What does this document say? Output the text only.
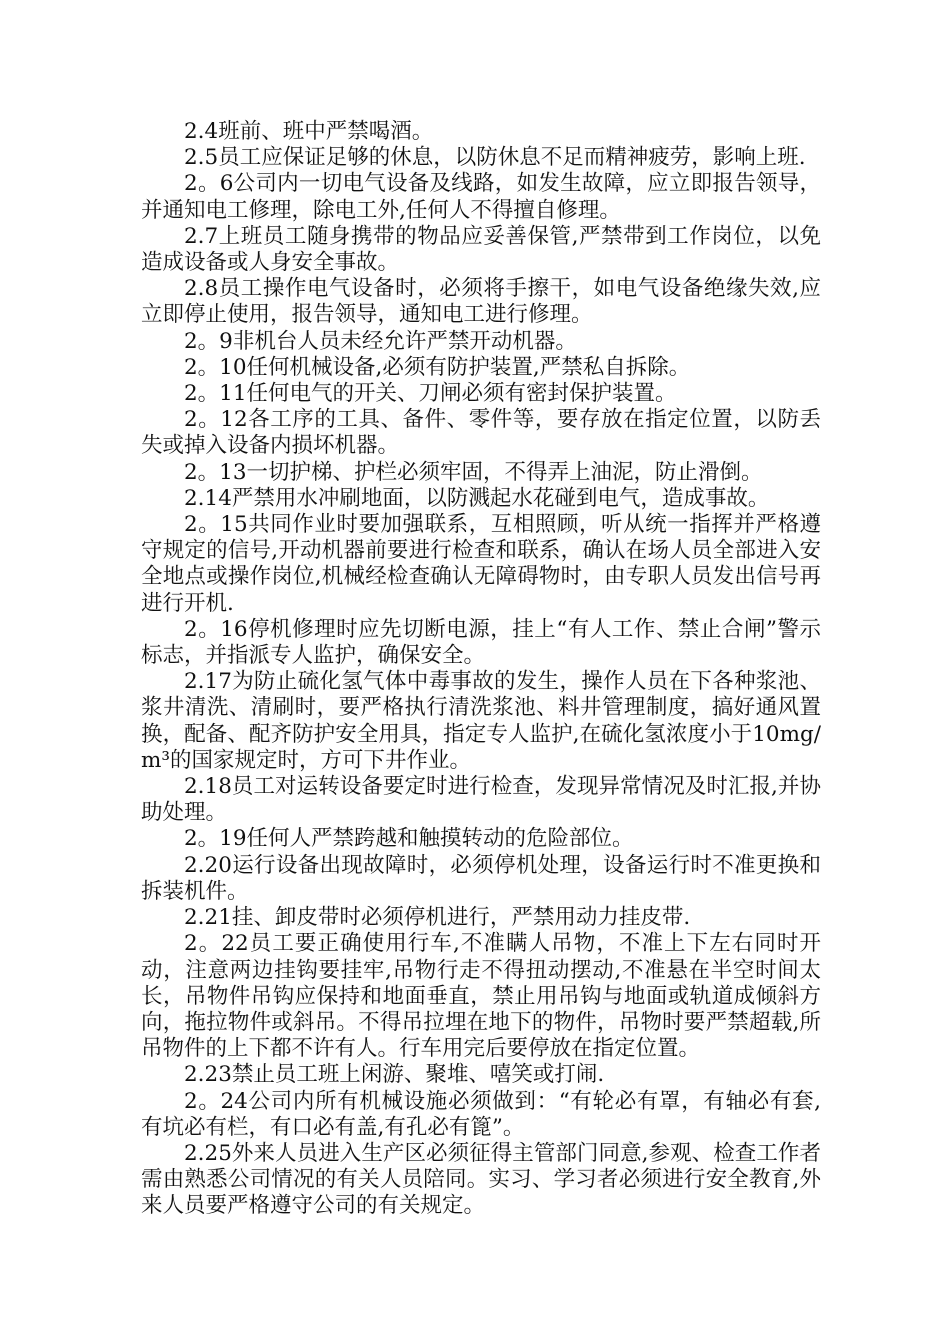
2.4班前、班中严禁喝酒。

2.5员工应保证足够的休息，以防休息不足而精神疲劳，影响上班.

2。6公司内一切电气设备及线路，如发生故障，应立即报告领导，并通知电工修理，除电工外,任何人不得擅自修理。

2.7上班员工随身携带的物品应妥善保管,严禁带到工作岗位，以免造成设备或人身安全事故。

2.8员工操作电气设备时，必须将手擦干，如电气设备绝缘失效,应立即停止使用，报告领导，通知电工进行修理。

2。9非机台人员未经允许严禁开动机器。

2。10任何机械设备,必须有防护装置,严禁私自拆除。

2。11任何电气的开关、刀闸必须有密封保护装置。

2。12各工序的工具、备件、零件等，要存放在指定位置，以防丢失或掉入设备内损坏机器。

2。13一切护梯、护栏必须牢固，不得弄上油泥，防止滑倒。

2.14严禁用水冲刷地面，以防溅起水花碰到电气，造成事故。

2。15共同作业时要加强联系，互相照顾，听从统一指挥并严格遵守规定的信号,开动机器前要进行检查和联系，确认在场人员全部进入安全地点或操作岗位,机械经检查确认无障碍物时，由专职人员发出信号再进行开机.

2。16停机修理时应先切断电源，挂上“有人工作、禁止合闸”警示标志，并指派专人监护，确保安全。

2.17为防止硫化氢气体中毒事故的发生，操作人员在下各种浆池、浆井清洗、清刷时，要严格执行清洗浆池、料井管理制度，搞好通风置换，配备、配齐防护安全用具，指定专人监护,在硫化氢浓度小于10mg/m³的国家规定时，方可下井作业。

2.18员工对运转设备要定时进行检查，发现异常情况及时汇报,并协助处理。

2。19任何人严禁跨越和触摸转动的危险部位。

2.20运行设备出现故障时，必须停机处理，设备运行时不准更换和拆装机件。

2.21挂、卸皮带时必须停机进行，严禁用动力挂皮带.

2。22员工要正确使用行车,不准瞒人吊物，不准上下左右同时开动，注意两边挂钩要挂牢,吊物行走不得扭动摆动,不准悬在半空时间太长，吊物件吊钩应保持和地面垂直，禁止用吊钩与地面或轨道成倾斜方向，拖拉物件或斜吊。不得吊拉埋在地下的物件，吊物时要严禁超载,所吊物件的上下都不许有人。行车用完后要停放在指定位置。

2.23禁止员工班上闲游、聚堆、嘻笑或打闹.

2。24公司内所有机械设施必须做到：“有轮必有罩，有轴必有套,有坑必有栏，有口必有盖,有孔必有篦”。

2.25外来人员进入生产区必须征得主管部门同意,参观、检查工作者需由熟悉公司情况的有关人员陪同。实习、学习者必须进行安全教育,外来人员要严格遵守公司的有关规定。
